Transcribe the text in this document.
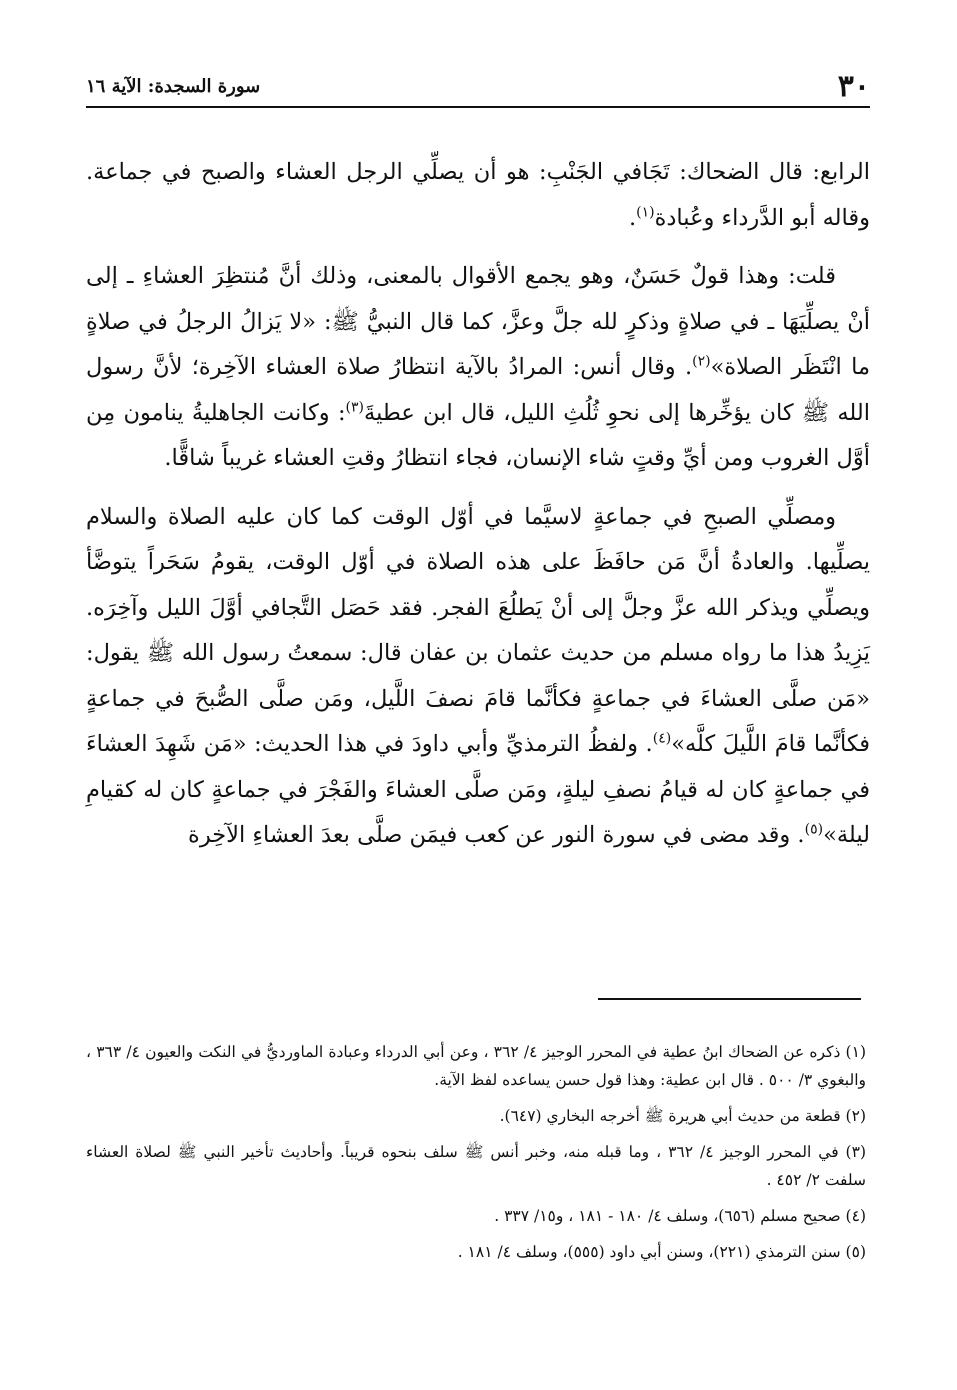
٣٠
سورة السجدة: الآية ١٦

الرابع: قال الضحاك: تَجَافي الجَنْبِ: هو أن يصلِّي الرجل العشاء والصبح في جماعة. وقاله أبو الدَّرداء وعُبادة$^{(١)}$.

قلت: وهذا قولٌ حَسَنٌ، وهو يجمع الأقوال بالمعنى، وذلك أنَّ مُنتظِرَ العشاءِ ـ إلى أنْ يصلِّيَهَا ـ في صلاةٍ وذكرٍ لله جلَّ وعزَّ، كما قال النبيُّ ﷺ: «لا يَزالُ الرجلُ في صلاةٍ ما انْتَظَر الصلاة»$^{(٢)}$. وقال أنس: المرادُ بالآية انتظارُ صلاة العشاء الآخِرة؛ لأنَّ رسول الله ﷺ كان يؤخِّرها إلى نحوِ ثُلُثِ الليل، قال ابن عطيةَ$^{(٣)}$: وكانت الجاهليةُ ينامون مِن أوَّل الغروب ومن أيِّ وقتٍ شاء الإنسان، فجاء انتظارُ وقتِ العشاء غريباً شاقًّا.

ومصلِّي الصبحِ في جماعةٍ لاسيَّما في أوّل الوقت كما كان عليه الصلاة والسلام يصلِّيها. والعادةُ أنَّ مَن حافَظَ على هذه الصلاة في أوّل الوقت، يقومُ سَحَراً يتوضَّأ ويصلِّي ويذكر الله عزَّ وجلَّ إلى أنْ يَطلُعَ الفجر. فقد حَصَل التَّجافي أوَّلَ الليل وآخِرَه. يَزِيدُ هذا ما رواه مسلم من حديث عثمان بن عفان قال: سمعتُ رسول الله ﷺ يقول: «مَن صلَّى العشاءَ في جماعةٍ فكأنَّما قامَ نصفَ اللَّيل، ومَن صلَّى الصُّبحَ في جماعةٍ فكأنَّما قامَ اللَّيلَ كلَّه»$^{(٤)}$. ولفظُ الترمذيِّ وأبي داودَ في هذا الحديث: «مَن شَهِدَ العشاءَ في جماعةٍ كان له قيامُ نصفِ ليلةٍ، ومَن صلَّى العشاءَ والفَجْرَ في جماعةٍ كان له كقيامِ ليلة»$^{(٥)}$. وقد مضى في سورة النور عن كعب فيمَن صلَّى بعدَ العشاءِ الآخِرة

(١) ذكره عن الضحاك ابنُ عطية في المحرر الوجيز ٤/ ٣٦٢ ، وعن أبي الدرداء وعبادة الماورديُّ في النكت والعيون ٤/ ٣٦٣ ، والبغوي ٣/ ٥٠٠ . قال ابن عطية: وهذا قول حسن يساعده لفظ الآية.

(٢) قطعة من حديث أبي هريرة ﷺ أخرجه البخاري (٦٤٧).

(٣) في المحرر الوجيز ٤/ ٣٦٢ ، وما قبله منه، وخبر أنس ﷺ سلف بنحوه قريباً. وأحاديث تأخير النبي ﷺ لصلاة العشاء سلفت ٢/ ٤٥٢ .

(٤) صحيح مسلم (٦٥٦)، وسلف ٤/ ١٨٠ - ١٨١ ، و١٥/ ٣٣٧ .

(٥) سنن الترمذي (٢٢١)، وسنن أبي داود (٥٥٥)، وسلف ٤/ ١٨١ .
